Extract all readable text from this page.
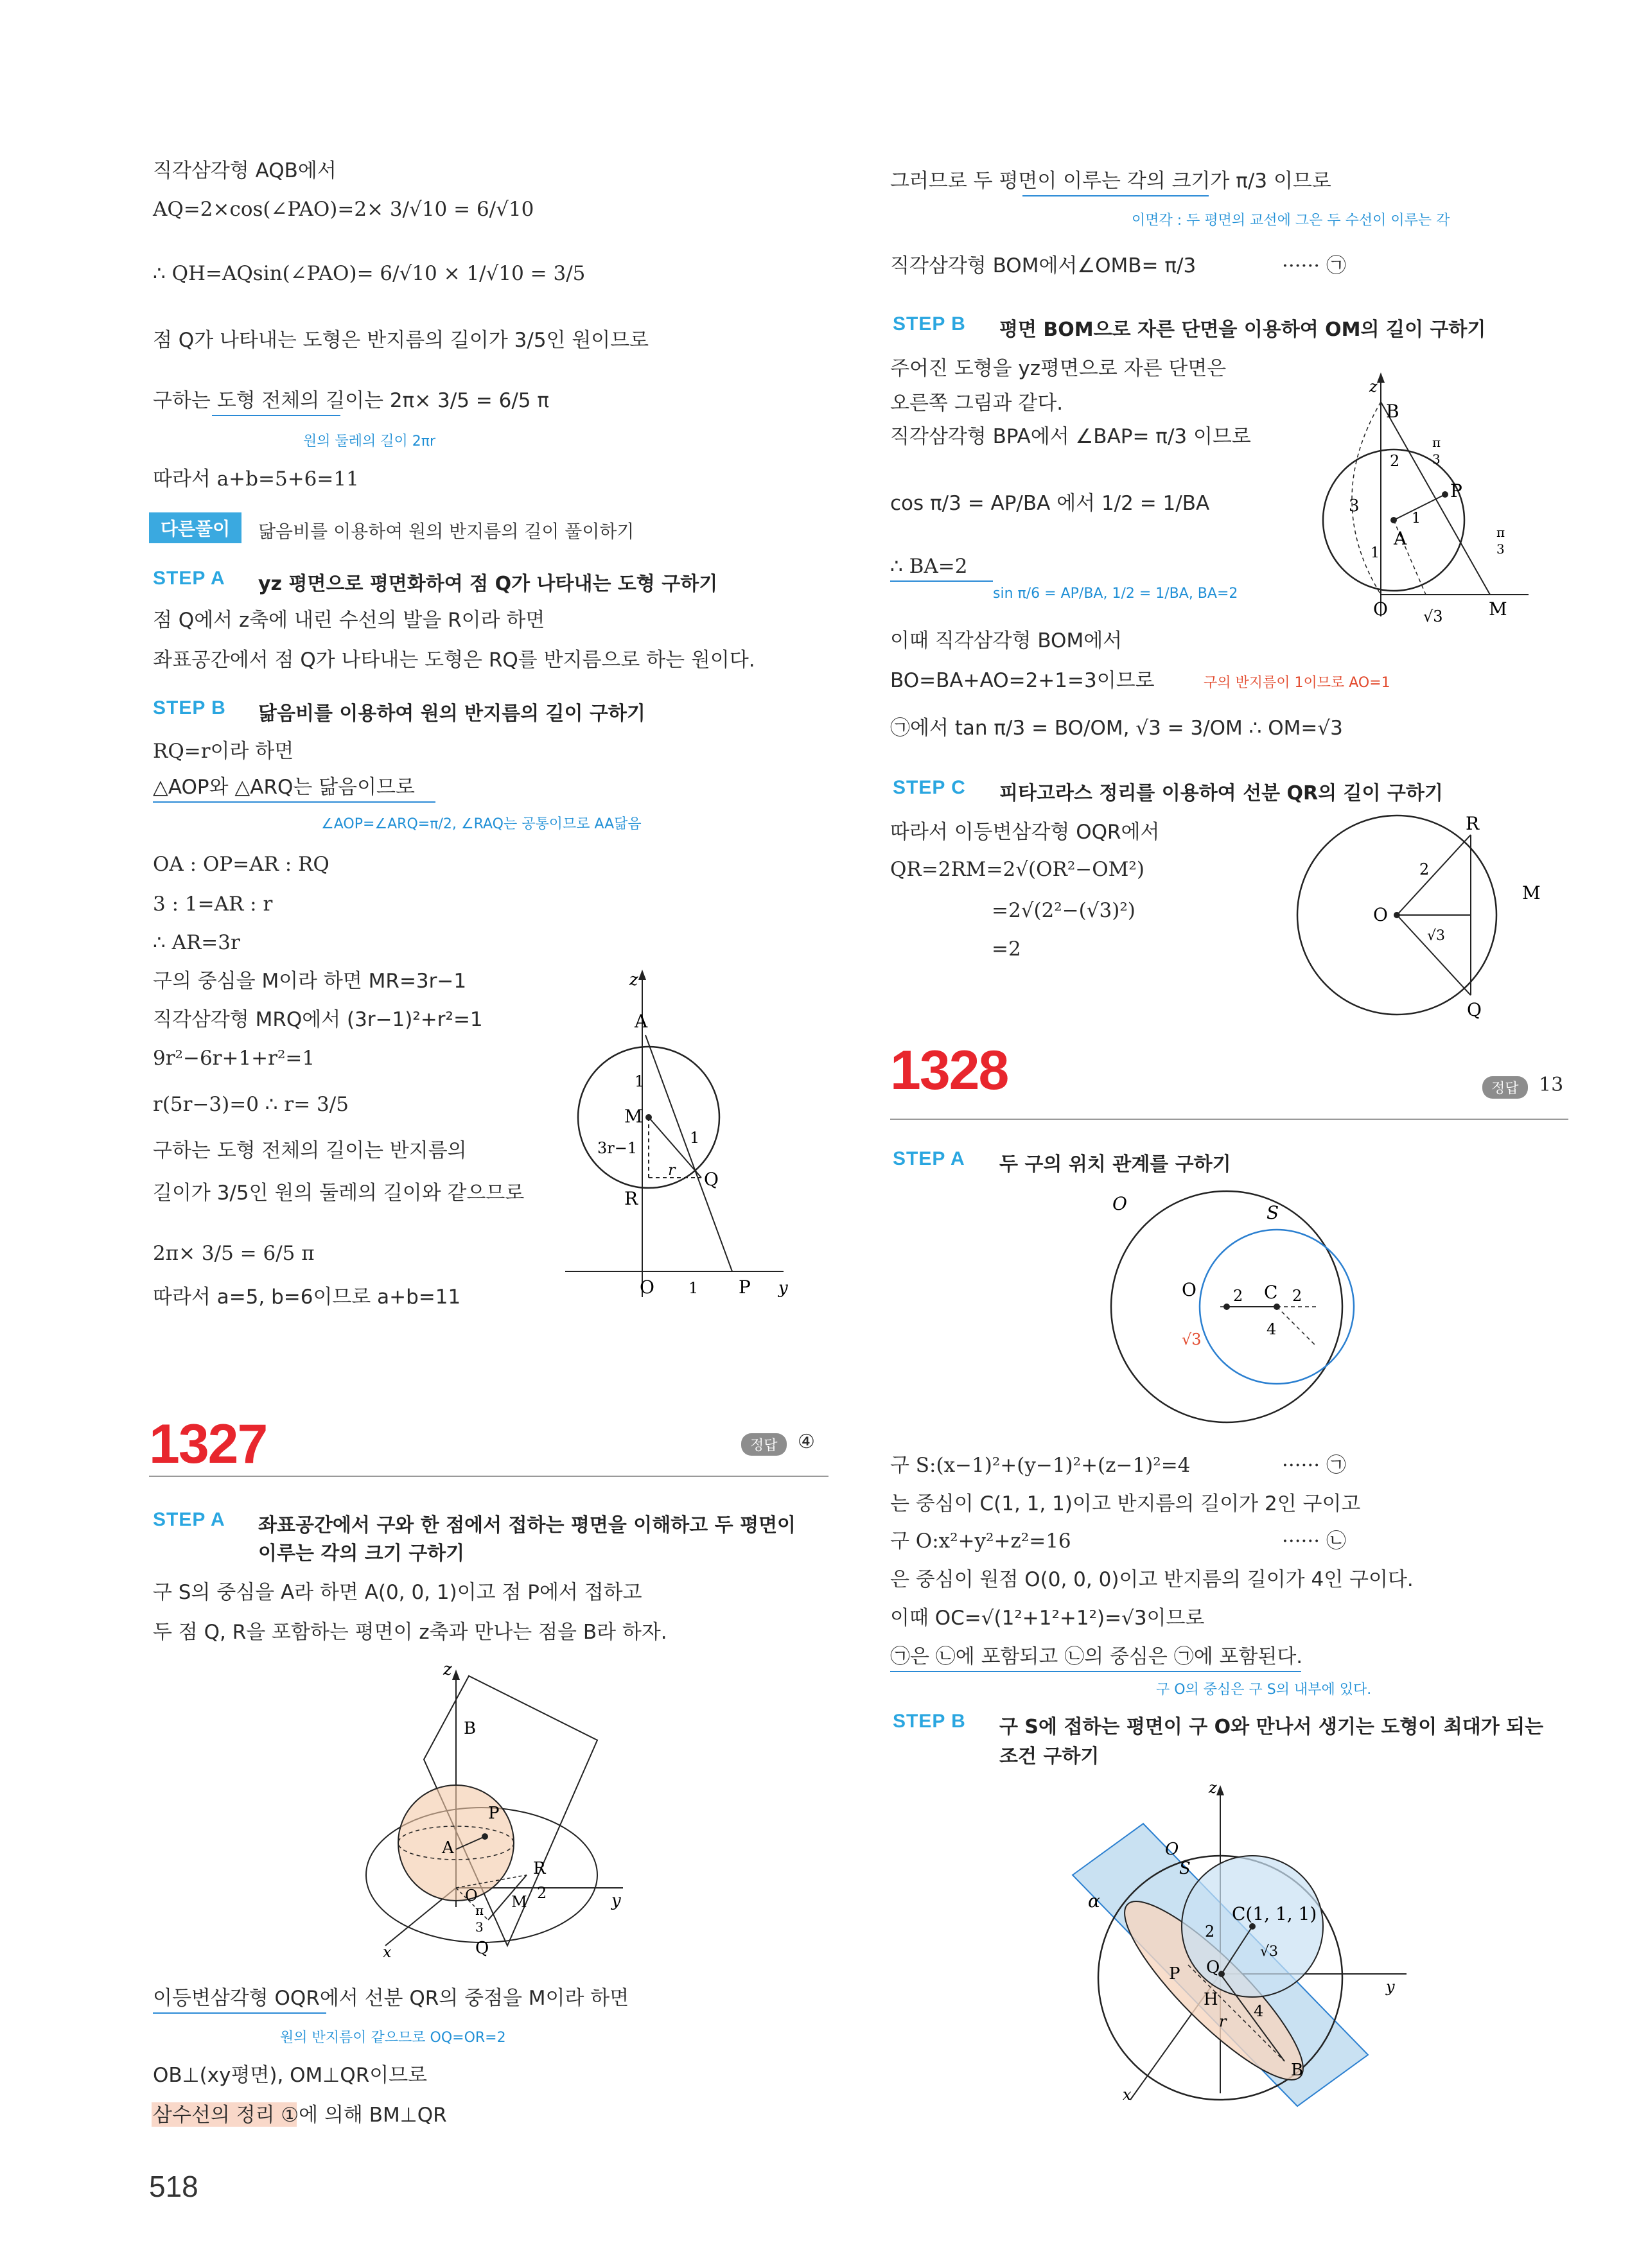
직각삼각형 AQB에서
AQ=2×cos(∠PAO)=2× 3/√10 = 6/√10
∴ QH=AQsin(∠PAO)= 6/√10 × 1/√10 = 3/5
점 Q가 나타내는 도형은 반지름의 길이가 3/5인 원이므로
구하는 도형 전체의 길이는 2π× 3/5 = 6/5 π
원의 둘레의 길이 2πr
따라서 a+b=5+6=11
다른풀이	닮음비를 이용하여 원의 반지름의 길이 풀이하기
STEP A yz 평면으로 평면화하여 점 Q가 나타내는 도형 구하기
점 Q에서 z축에 내린 수선의 발을 R이라 하면
좌표공간에서 점 Q가 나타내는 도형은 RQ를 반지름으로 하는 원이다.
STEP B 닮음비를 이용하여 원의 반지름의 길이 구하기
RQ=r이라 하면
△AOP와 △ARQ는 닮음이므로
∠AOP=∠ARQ=π/2, ∠RAQ는 공통이므로 AA닮음
OA : OP=AR : RQ
3 : 1=AR : r
∴ AR=3r
구의 중심을 M이라 하면 MR=3r−1
직각삼각형 MRQ에서 (3r−1)²+r²=1
9r²−6r+1+r²=1
r(5r−3)=0 ∴ r= 3/5
구하는 도형 전체의 길이는 반지름의
길이가 3/5인 원의 둘레의 길이와 같으므로
2π× 3/5 = 6/5 π
따라서 a=5, b=6이므로 a+b=11
A
z
1
M
1
3r−1
r
R
Q
O 1 P y
1327	정답	④
STEP A 좌표공간에서 구와 한 점에서 접하는 평면을 이해하고 두 평면이
이루는 각의 크기 구하기
구 S의 중심을 A라 하면 A(0, 0, 1)이고 점 P에서 접하고
두 점 Q, R을 포함하는 평면이 z축과 만나는 점을 B라 하자.
z
B
P
A
R
2	y
O
π
3
M
Q
x
이등변삼각형 OQR에서 선분 QR의 중점을 M이라 하면
원의 반지름이 같으므로 OQ=OR=2
OB⊥(xy평면), OM⊥QR이므로
삼수선의 정리 ①에 의해 BM⊥QR
518
그러므로 두 평면이 이루는 각의 크기가 π/3 이므로
이면각 : 두 평면의 교선에 그은 두 수선이 이루는 각
직각삼각형 BOM에서∠OMB= π/3	······ ㉠
STEP B 평면 BOM으로 자른 단면을 이용하여 OM의 길이 구하기
주어진 도형을 yz평면으로 자른 단면은
오른쪽 그림과 같다.
직각삼각형 BPA에서 ∠BAP= π/3 이므로
cos π/3 = AP/BA 에서 1/2 = 1/BA
∴ BA=2
sin π/6 = AP/BA, 1/2 = 1/BA, BA=2
이때 직각삼각형 BOM에서
BO=BA+AO=2+1=3이므로	구의 반지름이 1이므로 AO=1
㉠에서 tan π/3 = BO/OM, √3 = 3/OM ∴ OM=√3
z
B
2
π
3
3
P
1
A
1
π
3
O √3	M
STEP C 피타고라스 정리를 이용하여 선분 QR의 길이 구하기
따라서 이등변삼각형 OQR에서
QR=2RM=2√(OR²−OM²)
=2√(2²−(√3)²)
=2
R
2
M
O
√3
Q
1328	정답	13
STEP A 두 구의 위치 관계를 구하기
O	S
O	C
2	2
4
√3
구 S:(x−1)²+(y−1)²+(z−1)²=4	······ ㉠
는 중심이 C(1, 1, 1)이고 반지름의 길이가 2인 구이고
구 O:x²+y²+z²=16	······ ㉡
은 중심이 원점 O(0, 0, 0)이고 반지름의 길이가 4인 구이다.
이때 OC=√(1²+1²+1²)=√3이므로
㉠은 ㉡에 포함되고 ㉡의 중심은 ㉠에 포함된다.
구 O의 중심은 구 S의 내부에 있다.
STEP B 구 S에 접하는 평면이 구 O와 만나서 생기는 도형이 최대가 되는
조건 구하기
z
O
S
α
C(1, 1, 1)
2
√3
P Q
H
r
4
y
B
x
